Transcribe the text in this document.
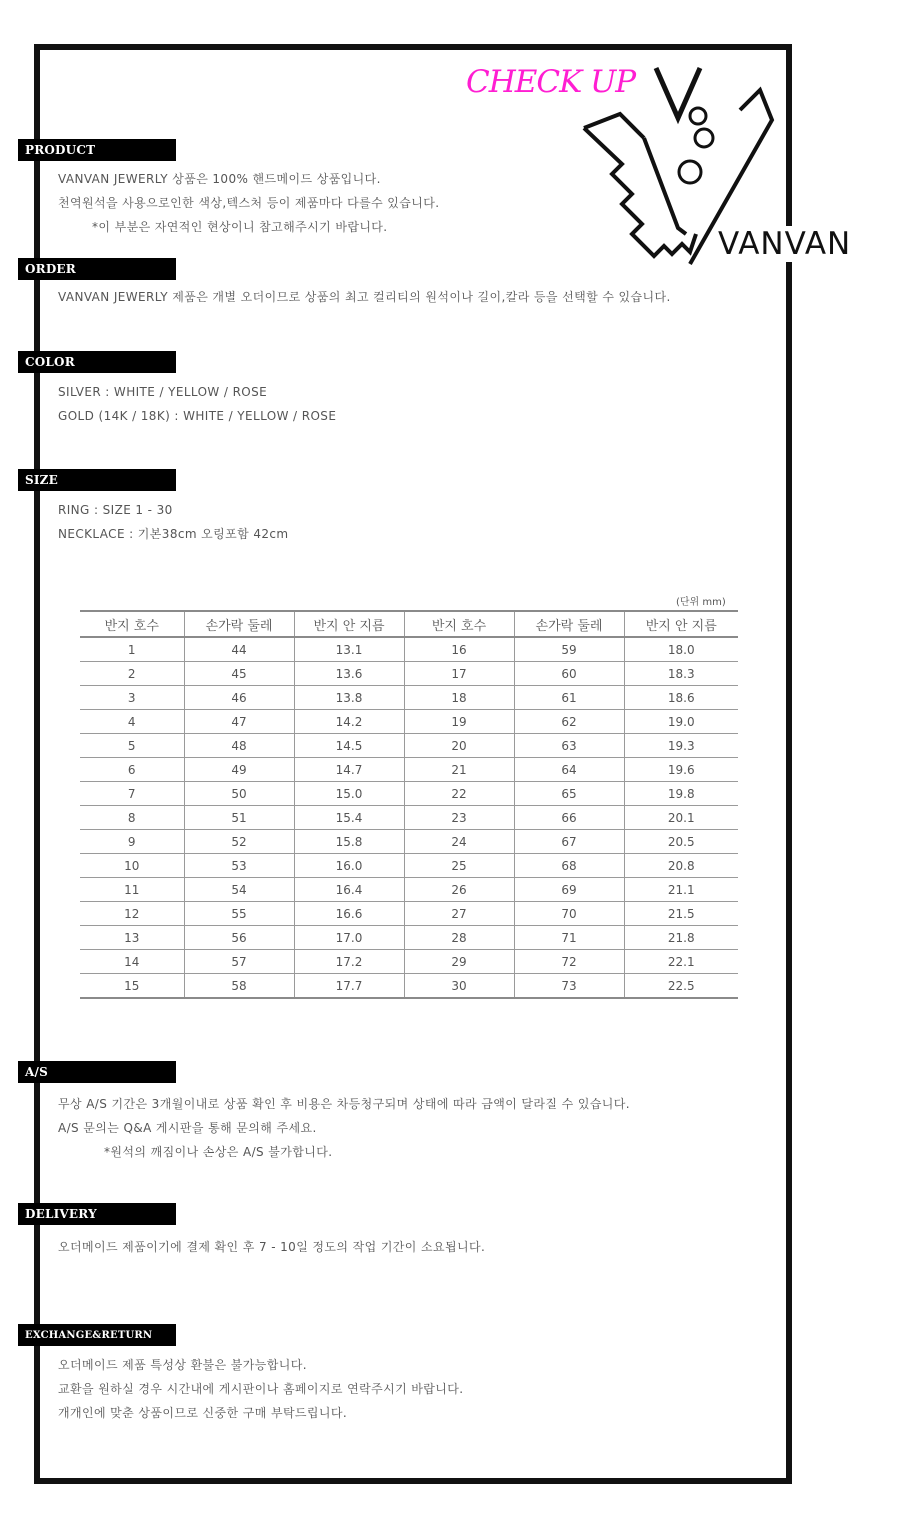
CHECK UP
VANVAN
PRODUCT

VANVAN JEWERLY 상품은 100% 핸드메이드 상품입니다.

천역원석을 사용으로인한 색상,텍스처 등이 제품마다 다를수 있습니다.

*이 부분은 자연적인 현상이니 참고해주시기 바랍니다.

ORDER

VANVAN JEWERLY 제품은 개별 오더이므로 상품의 최고 컬리티의 원석이나 길이,칼라 등을 선택할 수 있습니다.

COLOR

SILVER : WHITE / YELLOW / ROSE

GOLD (14K / 18K) : WHITE / YELLOW / ROSE

SIZE

RING : SIZE 1 - 30

NECKLACE : 기본38cm 오링포함 42cm

(단위 mm)
반지 호수	손가락 둘레	반지 안 지름	반지 호수	손가락 둘레	반지 안 지름
1	44	13.1	16	59	18.0
2	45	13.6	17	60	18.3
3	46	13.8	18	61	18.6
4	47	14.2	19	62	19.0
5	48	14.5	20	63	19.3
6	49	14.7	21	64	19.6
7	50	15.0	22	65	19.8
8	51	15.4	23	66	20.1
9	52	15.8	24	67	20.5
10	53	16.0	25	68	20.8
11	54	16.4	26	69	21.1
12	55	16.6	27	70	21.5
13	56	17.0	28	71	21.8
14	57	17.2	29	72	22.1
15	58	17.7	30	73	22.5
A/S

무상 A/S 기간은 3개월이내로 상품 확인 후 비용은 차등청구되며 상태에 따라 금액이 달라질 수 있습니다.

A/S 문의는 Q&A 게시판을 통해 문의해 주세요.

*원석의 깨짐이나 손상은 A/S 불가합니다.

DELIVERY

오더메이드 제품이기에 결제 확인 후 7 - 10일 정도의 작업 기간이 소요됩니다.

EXCHANGE&RETURN

오더메이드 제품 특성상 환불은 불가능합니다.

교환을 원하실 경우 시간내에 게시판이나 홈페이지로 연락주시기 바랍니다.

개개인에 맞춘 상품이므로 신중한 구매 부탁드립니다.
